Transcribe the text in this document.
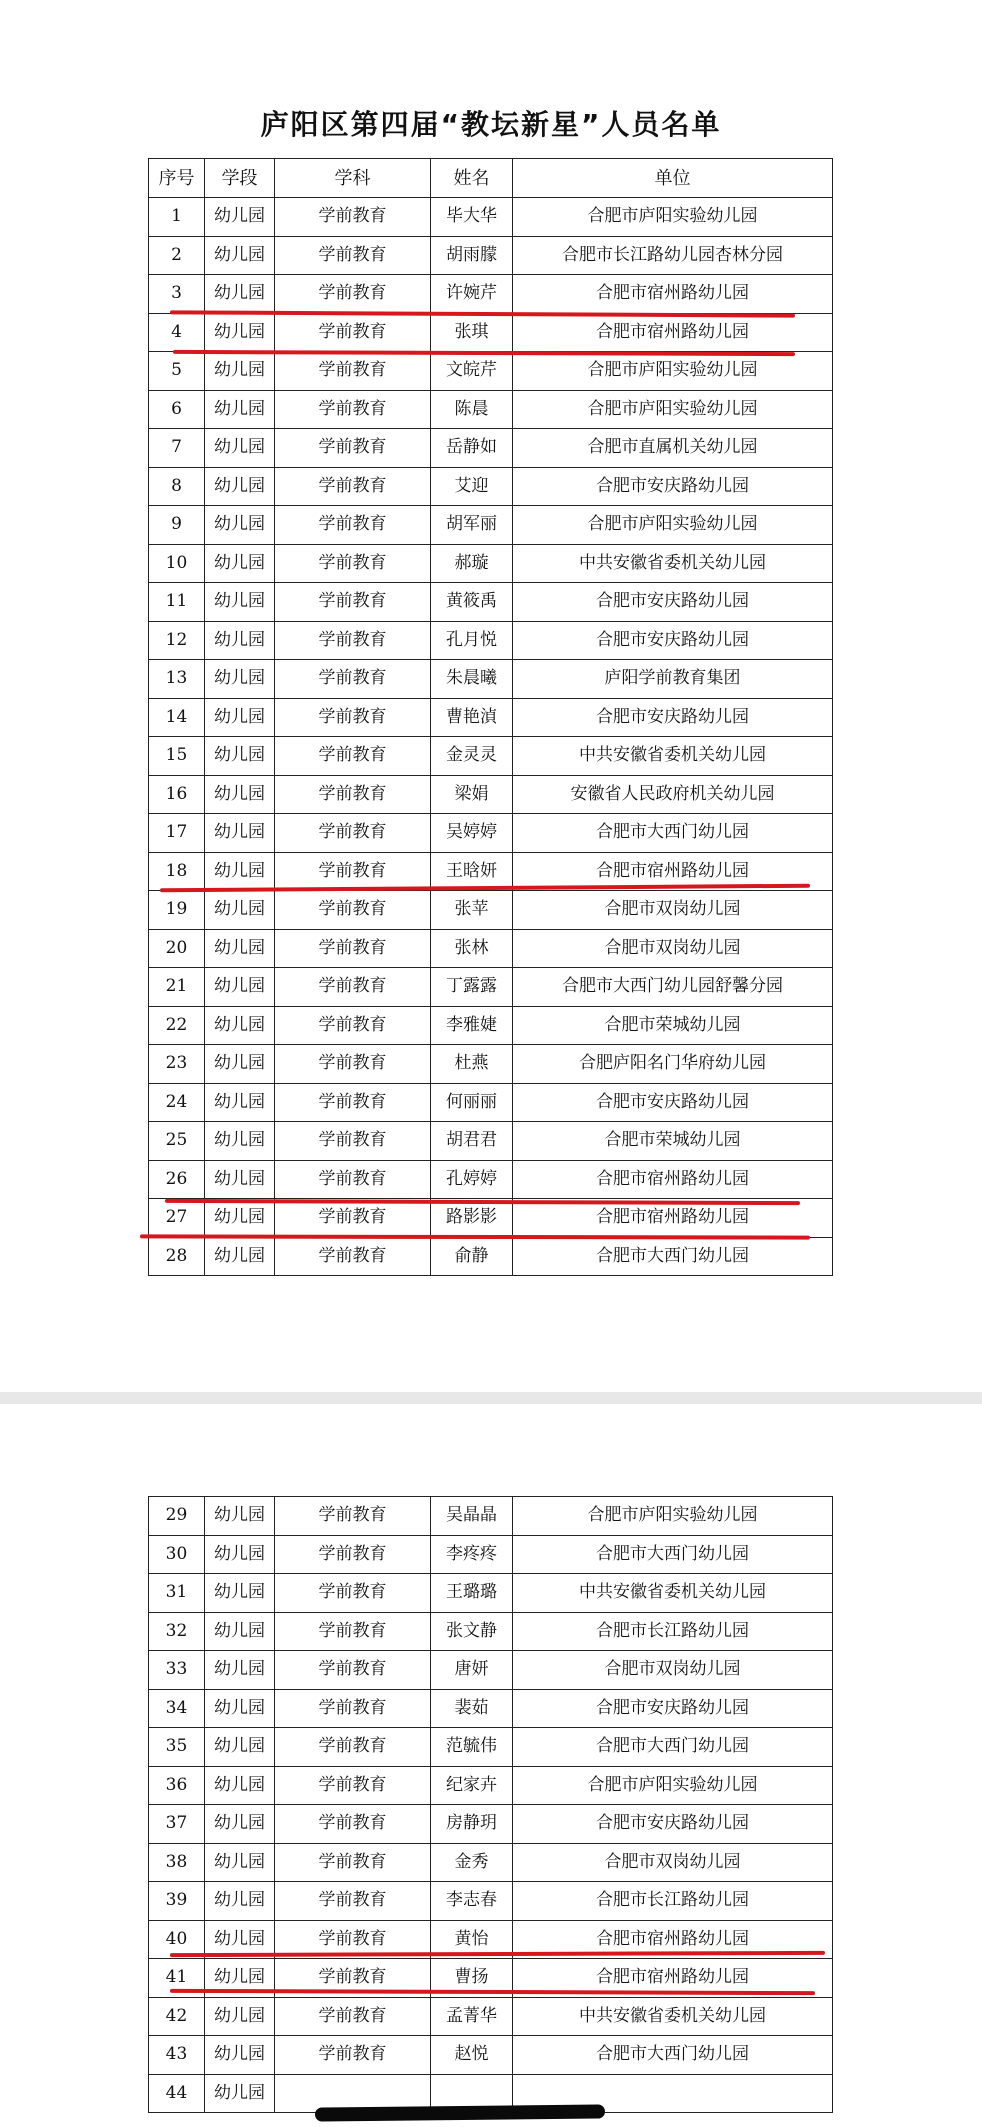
庐阳区第四届“教坛新星”人员名单
序号	学段	学科	姓名	单位
1	幼儿园	学前教育	毕大华	合肥市庐阳实验幼儿园
2	幼儿园	学前教育	胡雨朦	合肥市长江路幼儿园杏林分园
3	幼儿园	学前教育	许婉芹	合肥市宿州路幼儿园
4	幼儿园	学前教育	张琪	合肥市宿州路幼儿园
5	幼儿园	学前教育	文皖芹	合肥市庐阳实验幼儿园
6	幼儿园	学前教育	陈晨	合肥市庐阳实验幼儿园
7	幼儿园	学前教育	岳静如	合肥市直属机关幼儿园
8	幼儿园	学前教育	艾迎	合肥市安庆路幼儿园
9	幼儿园	学前教育	胡军丽	合肥市庐阳实验幼儿园
10	幼儿园	学前教育	郝璇	中共安徽省委机关幼儿园
11	幼儿园	学前教育	黄筱禹	合肥市安庆路幼儿园
12	幼儿园	学前教育	孔月悦	合肥市安庆路幼儿园
13	幼儿园	学前教育	朱晨曦	庐阳学前教育集团
14	幼儿园	学前教育	曹艳湞	合肥市安庆路幼儿园
15	幼儿园	学前教育	金灵灵	中共安徽省委机关幼儿园
16	幼儿园	学前教育	梁娟	安徽省人民政府机关幼儿园
17	幼儿园	学前教育	吴婷婷	合肥市大西门幼儿园
18	幼儿园	学前教育	王晗妍	合肥市宿州路幼儿园
19	幼儿园	学前教育	张苹	合肥市双岗幼儿园
20	幼儿园	学前教育	张林	合肥市双岗幼儿园
21	幼儿园	学前教育	丁露露	合肥市大西门幼儿园舒馨分园
22	幼儿园	学前教育	李雅婕	合肥市荣城幼儿园
23	幼儿园	学前教育	杜燕	合肥庐阳名门华府幼儿园
24	幼儿园	学前教育	何丽丽	合肥市安庆路幼儿园
25	幼儿园	学前教育	胡君君	合肥市荣城幼儿园
26	幼儿园	学前教育	孔婷婷	合肥市宿州路幼儿园
27	幼儿园	学前教育	路影影	合肥市宿州路幼儿园
28	幼儿园	学前教育	俞静	合肥市大西门幼儿园
29	幼儿园	学前教育	吴晶晶	合肥市庐阳实验幼儿园
30	幼儿园	学前教育	李疼疼	合肥市大西门幼儿园
31	幼儿园	学前教育	王璐璐	中共安徽省委机关幼儿园
32	幼儿园	学前教育	张文静	合肥市长江路幼儿园
33	幼儿园	学前教育	唐妍	合肥市双岗幼儿园
34	幼儿园	学前教育	裴茹	合肥市安庆路幼儿园
35	幼儿园	学前教育	范毓伟	合肥市大西门幼儿园
36	幼儿园	学前教育	纪家卉	合肥市庐阳实验幼儿园
37	幼儿园	学前教育	房静玥	合肥市安庆路幼儿园
38	幼儿园	学前教育	金秀	合肥市双岗幼儿园
39	幼儿园	学前教育	李志春	合肥市长江路幼儿园
40	幼儿园	学前教育	黄怡	合肥市宿州路幼儿园
41	幼儿园	学前教育	曹扬	合肥市宿州路幼儿园
42	幼儿园	学前教育	孟菁华	中共安徽省委机关幼儿园
43	幼儿园	学前教育	赵悦	合肥市大西门幼儿园
44	幼儿园			
